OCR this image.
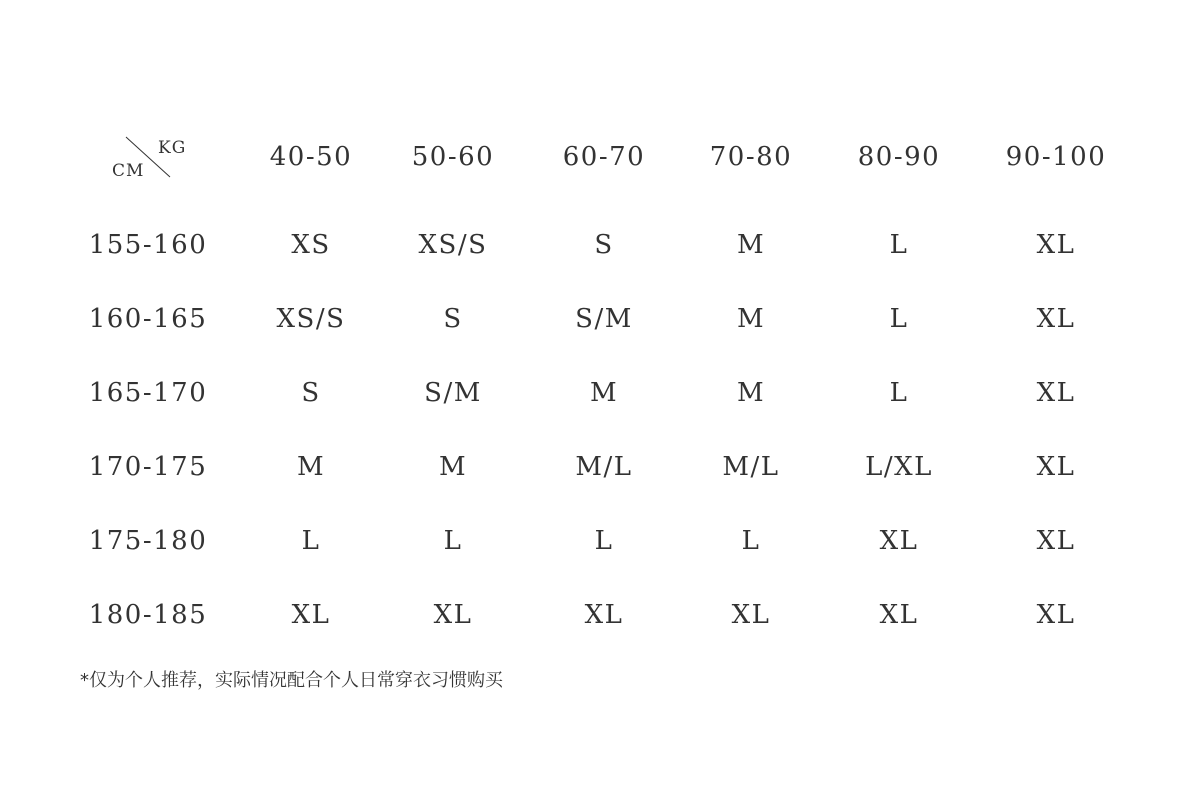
KG
CM	40-50	50-60	60-70	70-80	80-90	90-100
155-160	XS	XS/S	S	M	L	XL
160-165	XS/S	S	S/M	M	L	XL
165-170	S	S/M	M	M	L	XL
170-175	M	M	M/L	M/L	L/XL	XL
175-180	L	L	L	L	XL	XL
180-185	XL	XL	XL	XL	XL	XL
*仅为个人推荐，实际情况配合个人日常穿衣习惯购买
